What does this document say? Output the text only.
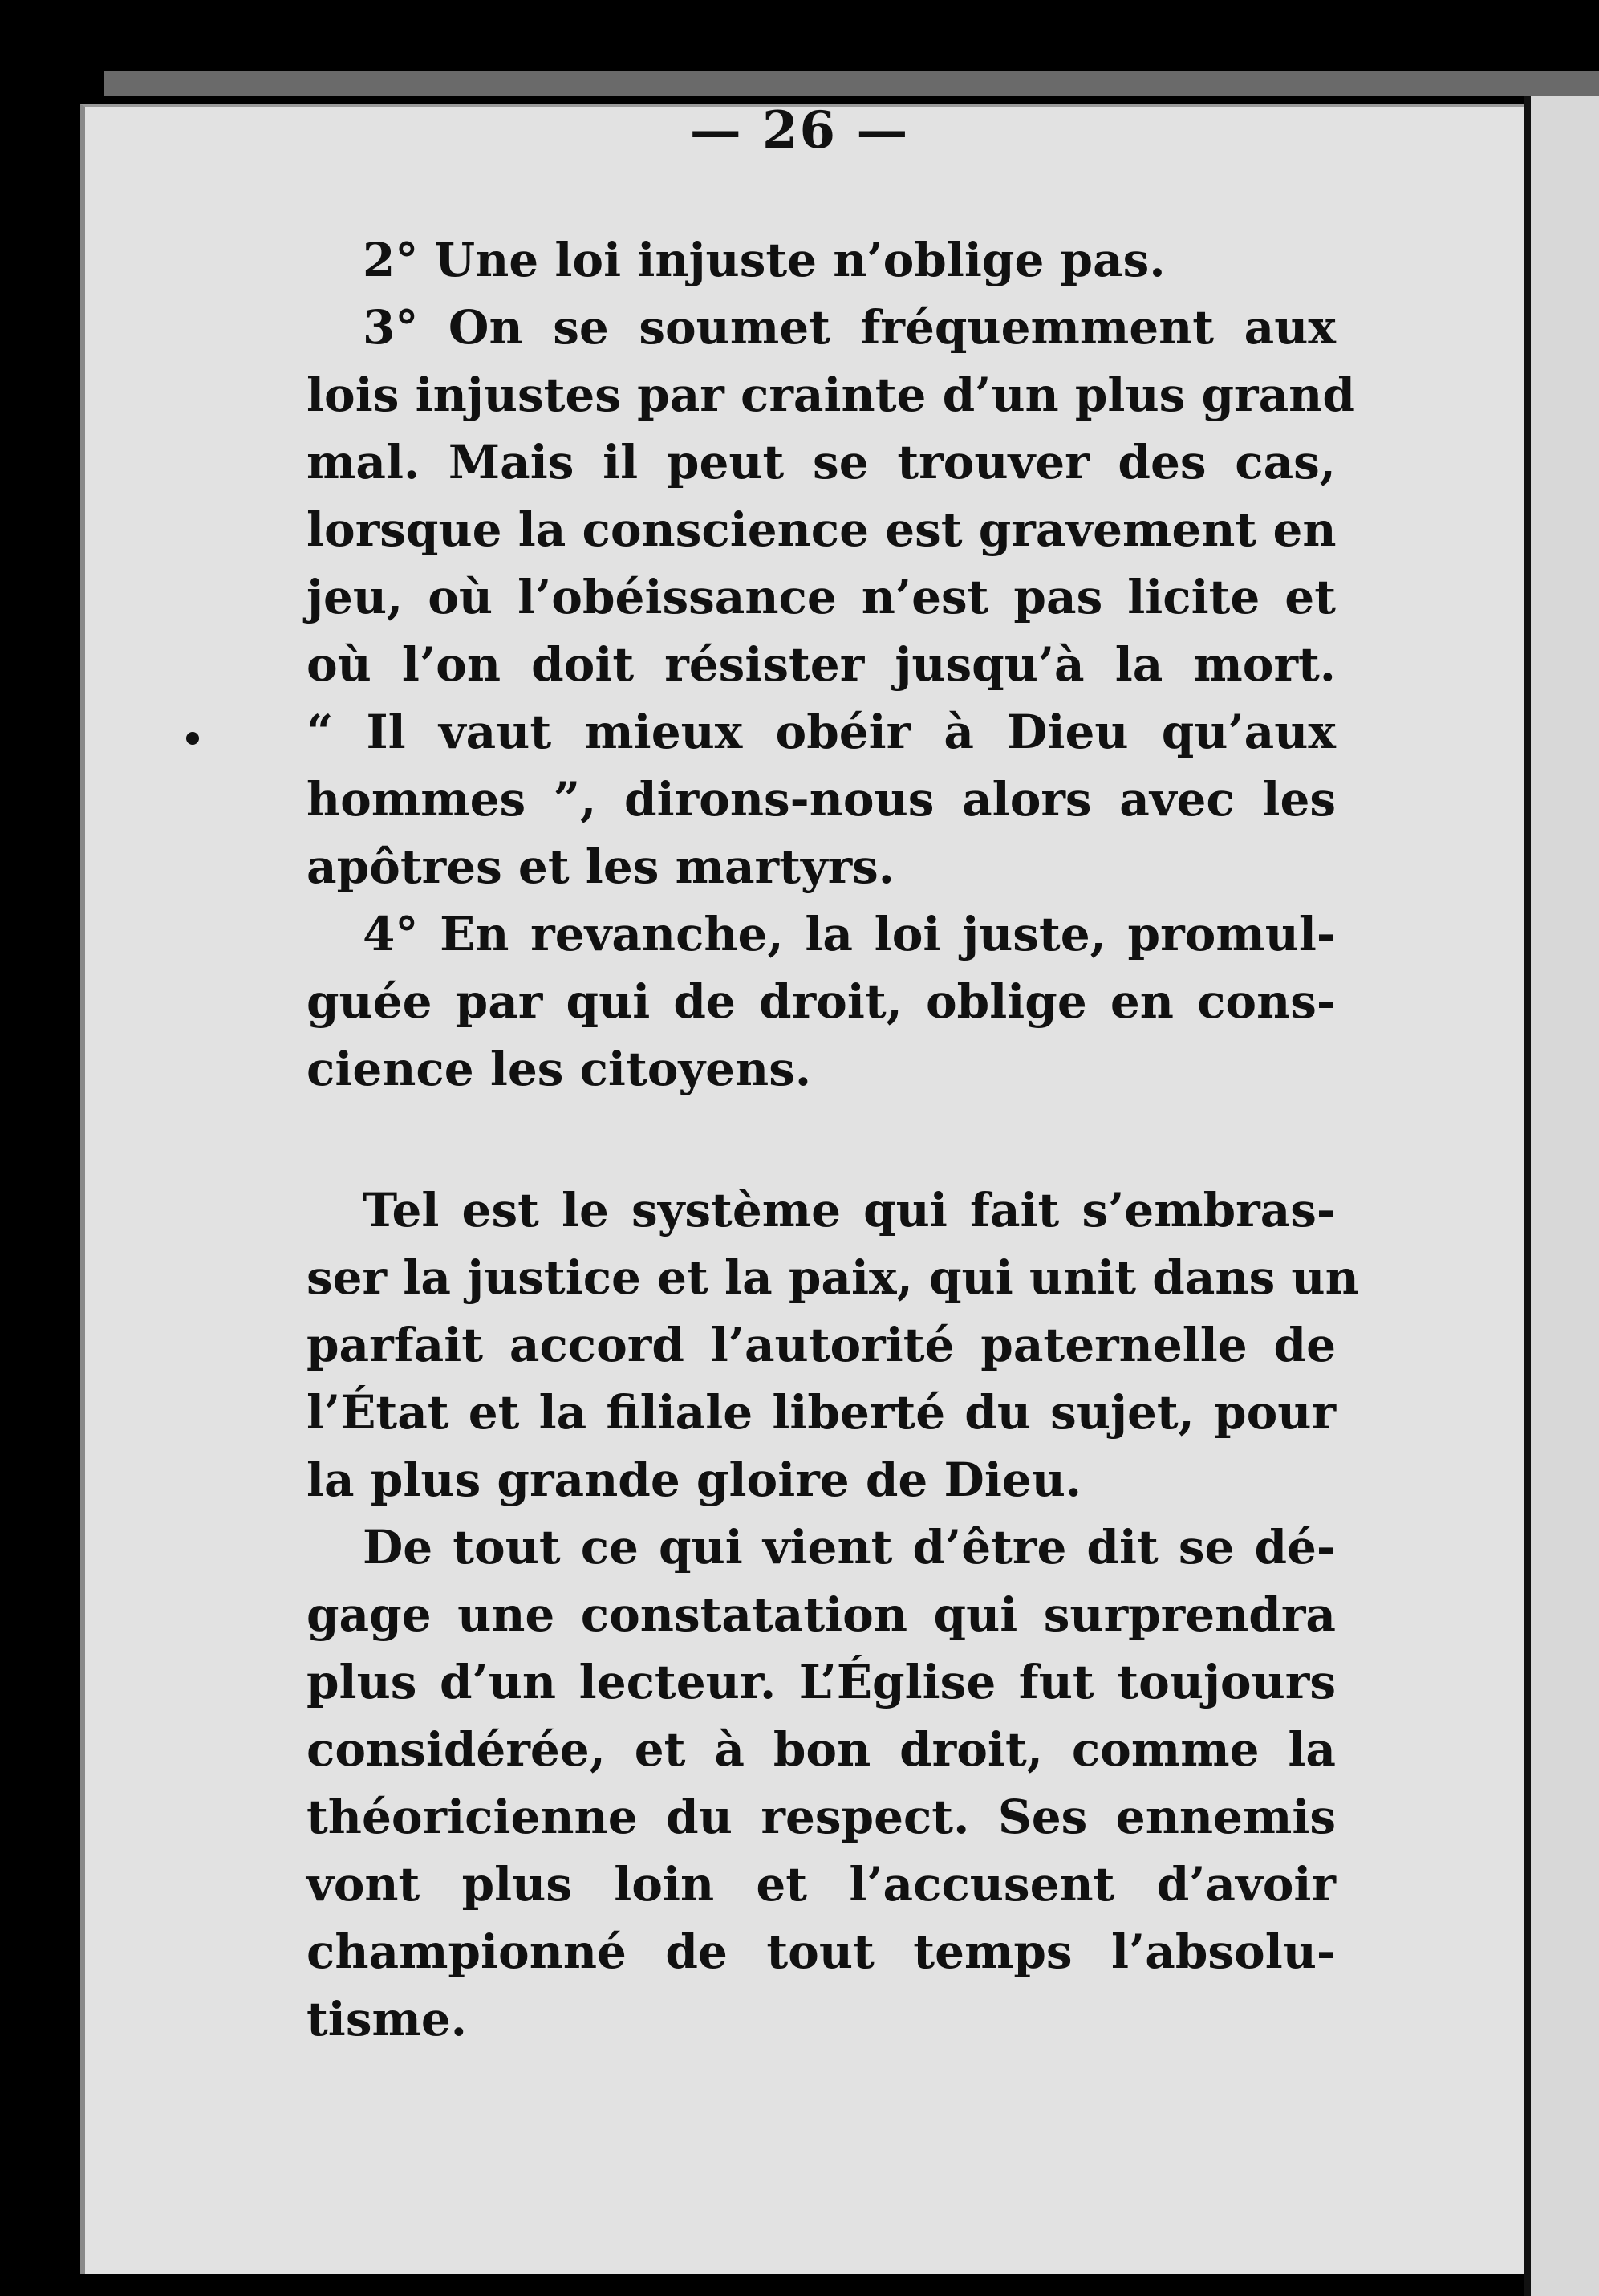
— 26 —

2° Une loi injuste n’oblige pas.

3° On se soumet fréquemment aux
lois injustes par crainte d’un plus grand
mal. Mais il peut se trouver des cas,
lorsque la conscience est gravement en
jeu, où l’obéissance n’est pas licite et
où l’on doit résister jusqu’à la mort.
“ Il vaut mieux obéir à Dieu qu’aux
hommes ”, dirons-nous alors avec les
apôtres et les martyrs.

4° En revanche, la loi juste, promul-
guée par qui de droit, oblige en cons-
cience les citoyens.

Tel est le système qui fait s’embras-
ser la justice et la paix, qui unit dans un
parfait accord l’autorité paternelle de
l’État et la filiale liberté du sujet, pour
la plus grande gloire de Dieu.

De tout ce qui vient d’être dit se dé-
gage une constatation qui surprendra
plus d’un lecteur. L’Église fut toujours
considérée, et à bon droit, comme la
théoricienne du respect. Ses ennemis
vont plus loin et l’accusent d’avoir
championné de tout temps l’absolu-
tisme.
